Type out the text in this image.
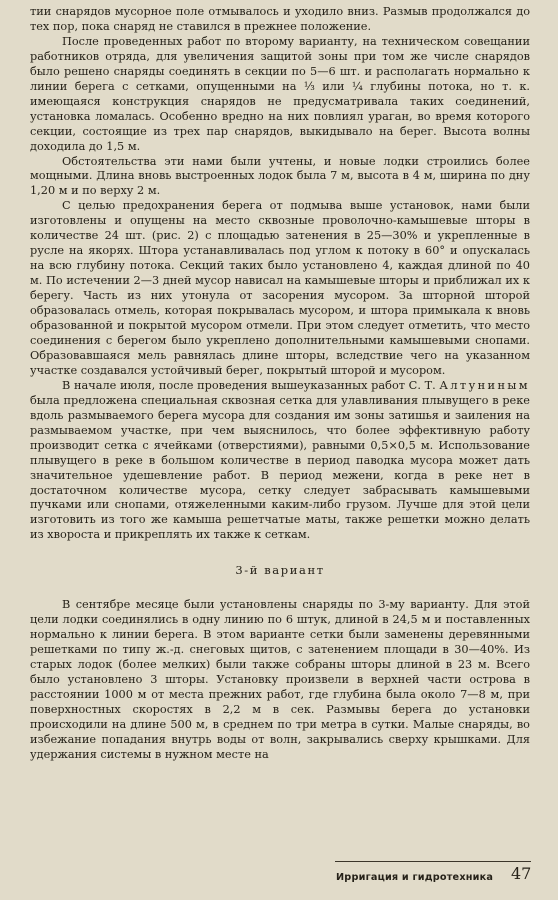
тии снарядов мусорное поле отмывалось и уходило вниз. Размыв продолжался до тех пор, пока снаряд не ставился в прежнее положение.

После проведенных работ по второму варианту, на техническом совещании работников отряда, для увеличения защитой зоны при том же числе снарядов было решено снаряды соединять в секции по 5—6 шт. и располагать нормально к линии берега с сетками, опущенными на ⅓ или ¼ глубины потока, но т. к. имеющаяся конструкция снарядов не предусматривала таких соединений, установка ломалась. Особенно вредно на них повлиял ураган, во время которого секции, состоящие из трех пар снарядов, выкидывало на берег. Высота волны доходила до 1,5 м.

Обстоятельства эти нами были учтены, и новые лодки строились более мощными. Длина вновь выстроенных лодок была 7 м, высота в 4 м, ширина по дну 1,20 м и по верху 2 м.

С целью предохранения берега от подмыва выше установок, нами были изготовлены и опущены на место сквозные проволочно-камышевые шторы в количестве 24 шт. (рис. 2) с площадью затенения в 25—30% и укрепленные в русле на якорях. Штора устанавливалась под углом к потоку в 60° и опускалась на всю глубину потока. Секций таких было установлено 4, каждая длиной по 40 м. По истечении 2—3 дней мусор нависал на камышевые шторы и приближал их к берегу. Часть из них утонула от засорения мусором. За шторной шторой образовалась отмель, которая покрывалась мусором, и штора примыкала к вновь образованной и покрытой мусором отмели. При этом следует отметить, что место соединения с берегом было укреплено дополнительными камышевыми снопами. Образовавшаяся мель равнялась длине шторы, вследствие чего на указанном участке создавался устойчивый берег, покрытый шторой и мусором.

В начале июля, после проведения вышеуказанных работ С. Т. Алтуниным была предложена специальная сквозная сетка для улавливания плывущего в реке вдоль размываемого берега мусора для создания им зоны затишья и заиления на размываемом участке, при чем выяснилось, что более эффективную работу производит сетка с ячейками (отверстиями), равными 0,5×0,5 м. Использование плывущего в реке в большом количестве в период паводка мусора может дать значительное удешевление работ. В период межени, когда в реке нет в достаточном количестве мусора, сетку следует забрасывать камышевыми пучками или снопами, отяжеленными каким-либо грузом. Лучше для этой цели изготовить из того же камыша решетчатые маты, также решетки можно делать из хвороста и прикреплять их также к сеткам.

3-й вариант

В сентябре месяце были установлены снаряды по 3-му варианту. Для этой цели лодки соединялись в одну линию по 6 штук, длиной в 24,5 м и поставленных нормально к линии берега. В этом варианте сетки были заменены деревянными решетками по типу ж.-д. снеговых щитов, с затенением площади в 30—40%. Из старых лодок (более мелких) были также собраны шторы длиной в 23 м. Всего было установлено 3 шторы. Установку произвели в верхней части острова в расстоянии 1000 м от места прежних работ, где глубина была около 7—8 м, при поверхностных скоростях в 2,2 м в сек. Размывы берега до установки происходили на длине 500 м, в среднем по три метра в сутки. Малые снаряды, во избежание попадания внутрь воды от волн, закрывались сверху крышками. Для удержания системы в нужном месте на

Ирригация и гидротехника 47
